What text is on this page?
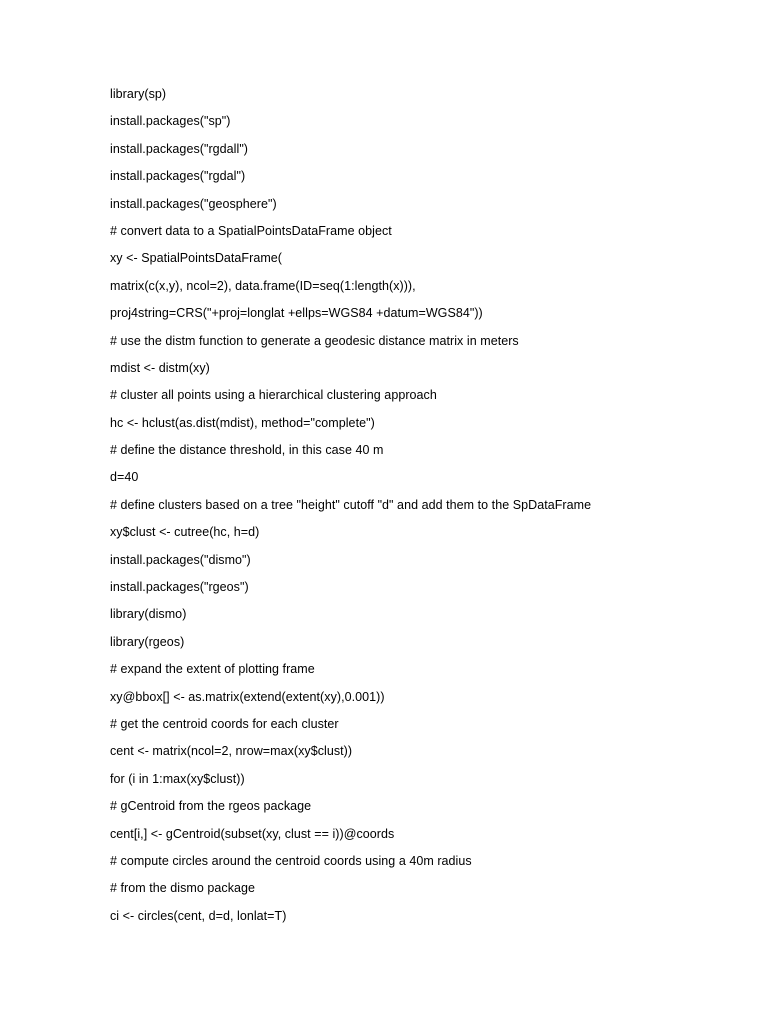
library(sp)
install.packages("sp")
install.packages("rgdall")
install.packages("rgdal")
install.packages("geosphere")
# convert data to a SpatialPointsDataFrame object
xy <- SpatialPointsDataFrame(
matrix(c(x,y), ncol=2), data.frame(ID=seq(1:length(x))),
proj4string=CRS("+proj=longlat +ellps=WGS84 +datum=WGS84"))
# use the distm function to generate a geodesic distance matrix in meters
mdist <- distm(xy)
# cluster all points using a hierarchical clustering approach
hc <- hclust(as.dist(mdist), method="complete")
# define the distance threshold, in this case 40 m
d=40
# define clusters based on a tree "height" cutoff "d" and add them to the SpDataFrame
xy$clust <- cutree(hc, h=d)
install.packages("dismo")
install.packages("rgeos")
library(dismo)
library(rgeos)
# expand the extent of plotting frame
xy@bbox[] <- as.matrix(extend(extent(xy),0.001))
# get the centroid coords for each cluster
cent <- matrix(ncol=2, nrow=max(xy$clust))
for (i in 1:max(xy$clust))
# gCentroid from the rgeos package
cent[i,] <- gCentroid(subset(xy, clust == i))@coords
# compute circles around the centroid coords using a 40m radius
# from the dismo package
ci <- circles(cent, d=d, lonlat=T)
